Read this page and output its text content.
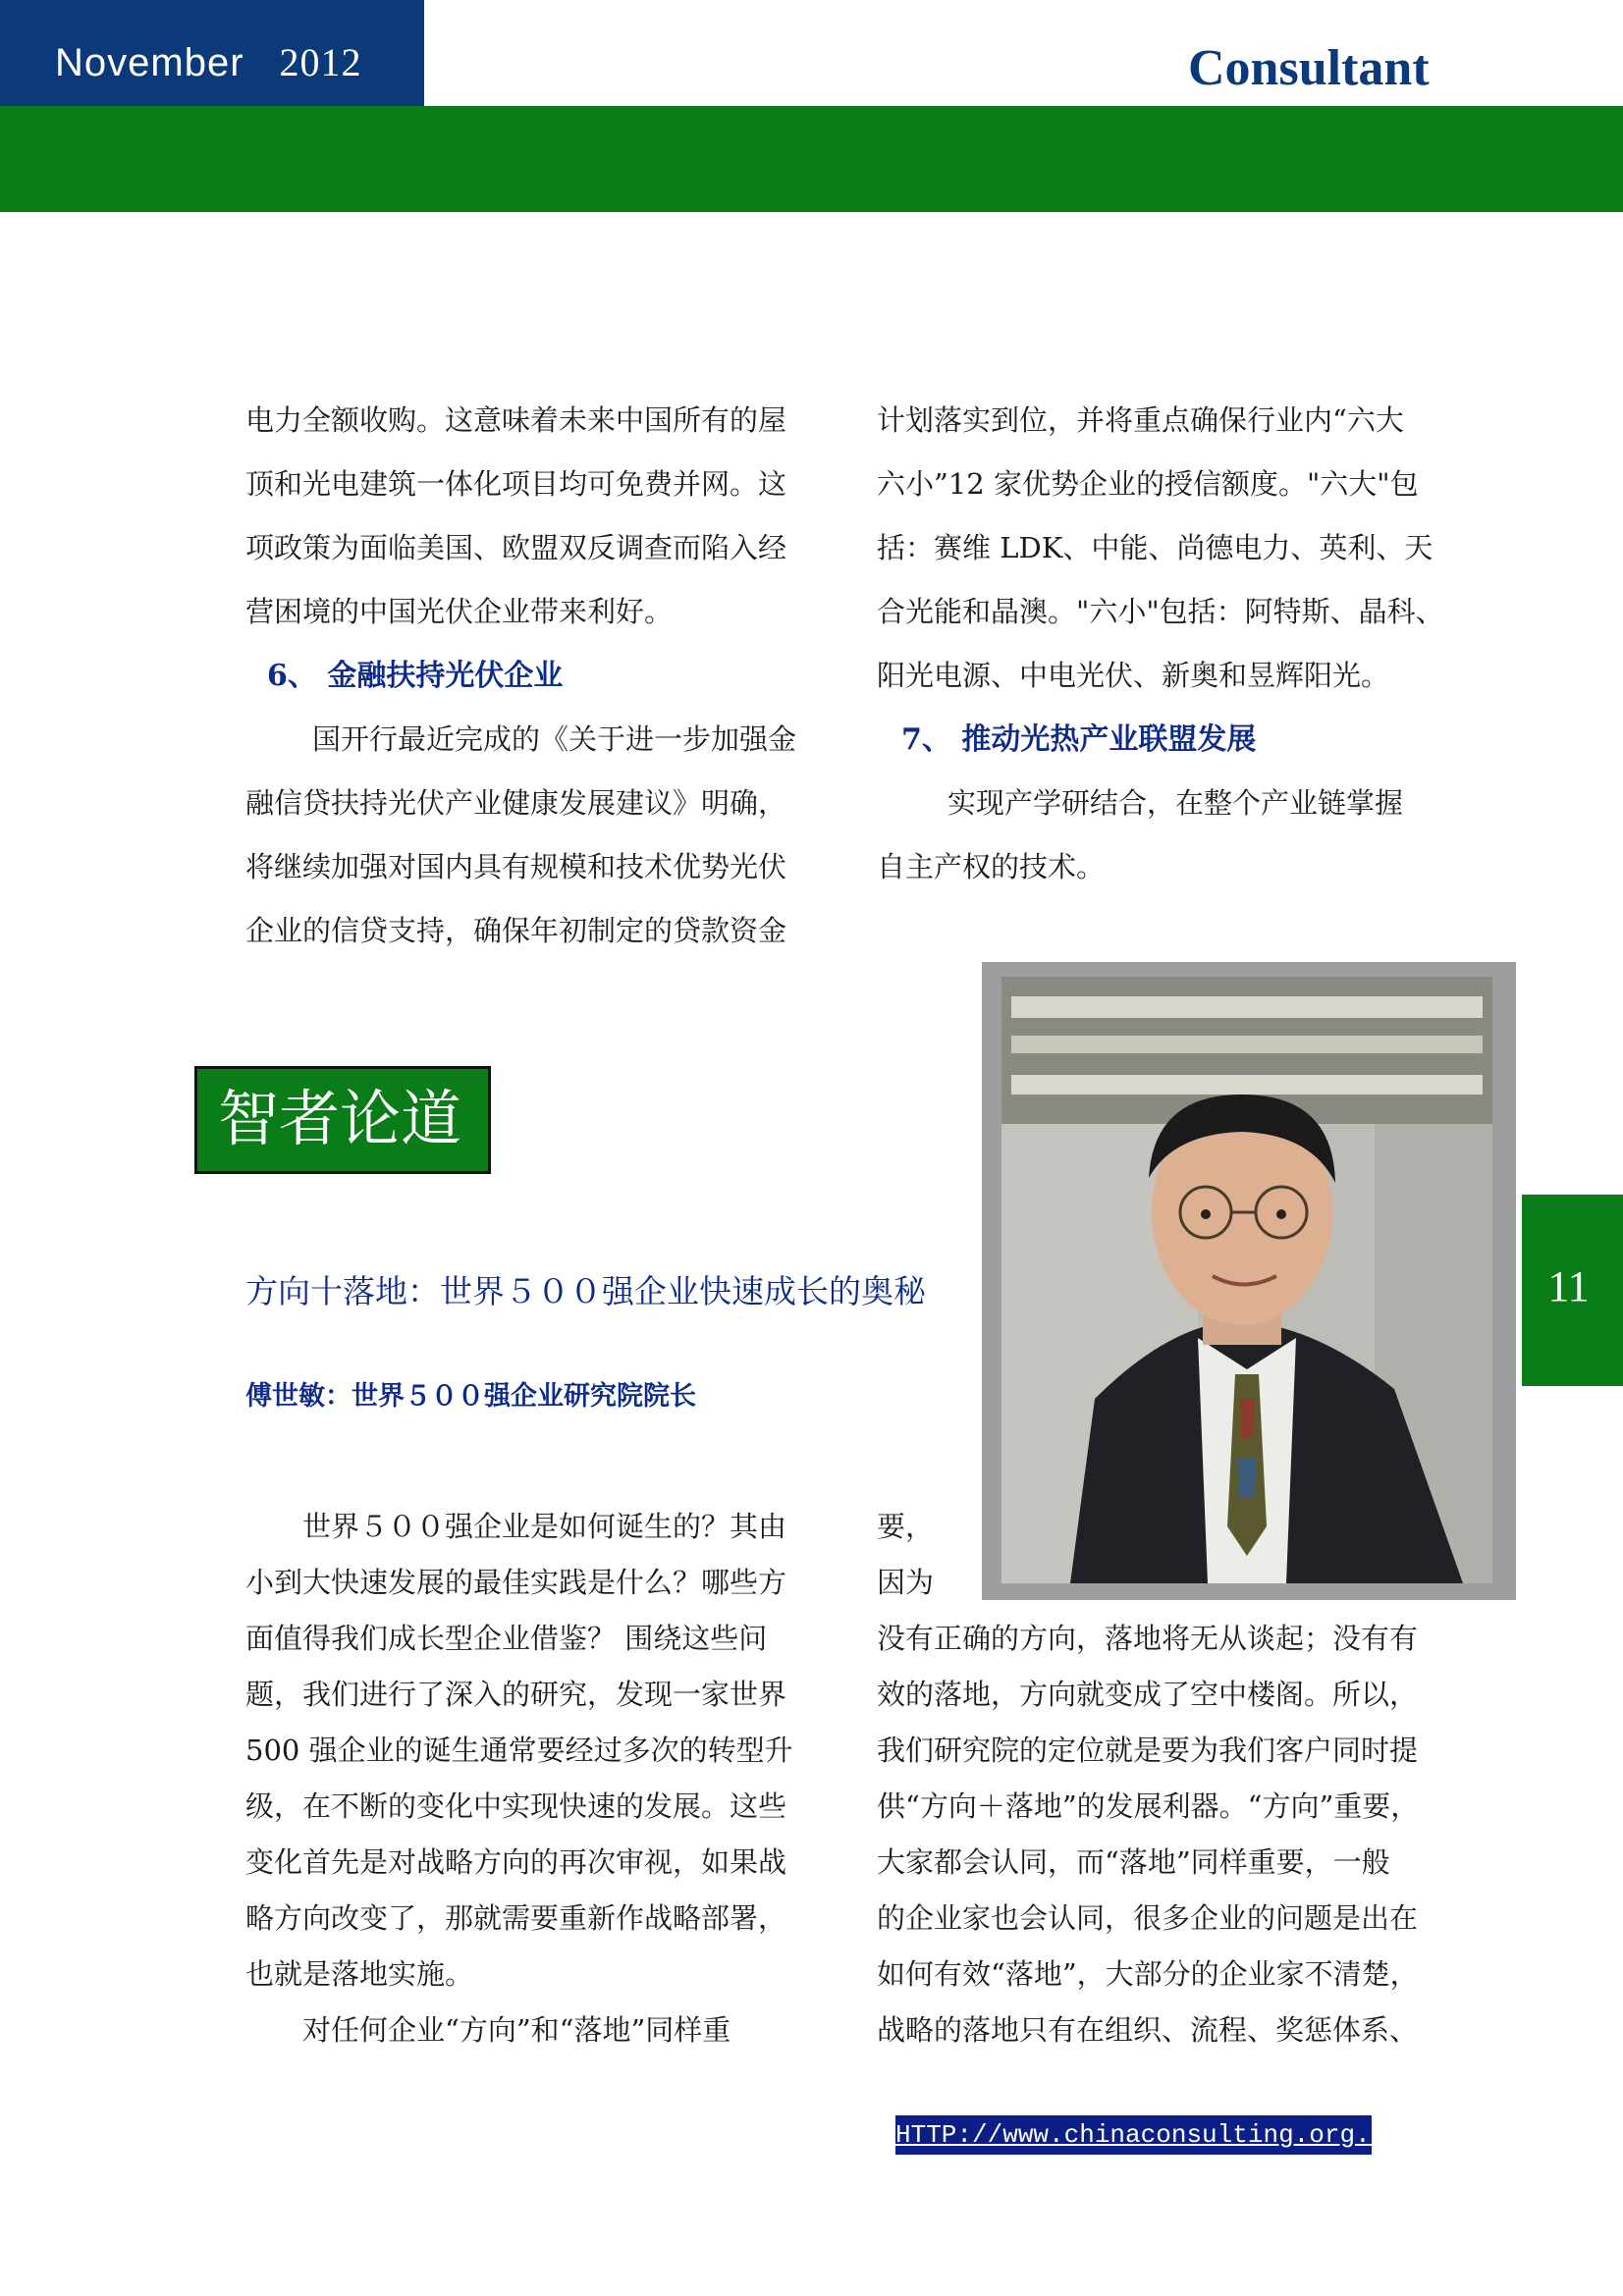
November 2012	Consultant

电力全额收购。这意味着未来中国所有的屋

顶和光电建筑一体化项目均可免费并网。这

项政策为面临美国、欧盟双反调查而陷入经

营困境的中国光伏企业带来利好。

6、 金融扶持光伏企业

国开行最近完成的《关于进一步加强金

融信贷扶持光伏产业健康发展建议》明确，

将继续加强对国内具有规模和技术优势光伏

企业的信贷支持，确保年初制定的贷款资金

计划落实到位，并将重点确保行业内“六大

六小”12 家优势企业的授信额度。"六大"包

括：赛维 LDK、中能、尚德电力、英利、天

合光能和晶澳。"六小"包括：阿特斯、晶科、

阳光电源、中电光伏、新奥和昱辉阳光。

7、 推动光热产业联盟发展

实现产学研结合，在整个产业链掌握

自主产权的技术。

智者论道
11
方向十落地：世界５００强企业快速成长的奥秘
傅世敏：世界５００强企业研究院院长

世界５００强企业是如何诞生的？其由

小到大快速发展的最佳实践是什么？哪些方

面值得我们成长型企业借鉴？ 围绕这些问

题，我们进行了深入的研究，发现一家世界

500 强企业的诞生通常要经过多次的转型升

级，在不断的变化中实现快速的发展。这些

变化首先是对战略方向的再次审视，如果战

略方向改变了，那就需要重新作战略部署，

也就是落地实施。

对任何企业“方向”和“落地”同样重

要，

因为

没有正确的方向，落地将无从谈起；没有有

效的落地，方向就变成了空中楼阁。所以，

我们研究院的定位就是要为我们客户同时提

供“方向＋落地”的发展利器。“方向”重要，

大家都会认同，而“落地”同样重要，一般

的企业家也会认同，很多企业的问题是出在

如何有效“落地”，大部分的企业家不清楚，

战略的落地只有在组织、流程、奖惩体系、

HTTP://www.chinaconsulting.org.cn
